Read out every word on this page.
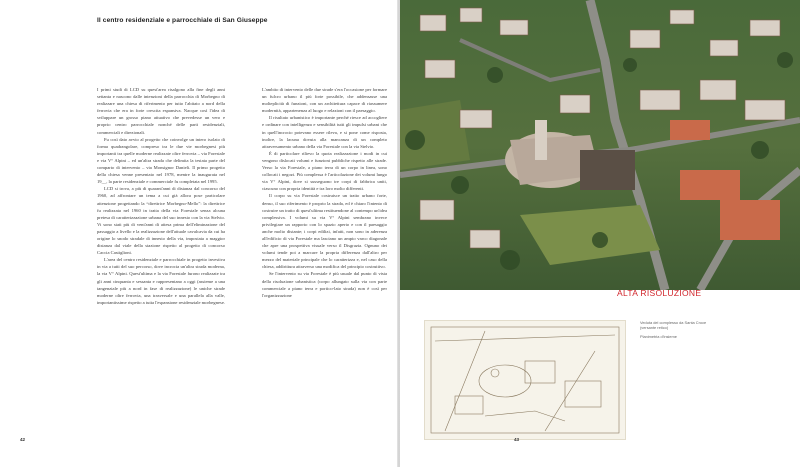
Il centro residenziale e parrocchiale di San Giuseppe

I primi studi di LCD su quest'area risalgono alla fine degli anni settanta e nascono dalle intenzioni della parrocchia di Morbegno di realizzare una chiesa di riferimento per tutto l'abitato a nord della ferrovia che era in forte crescita espansiva. Nacque così l'idea di sviluppare un grosso piano attuativo che prevedesse un vero e proprio centro parrocchiale nonché delle parti residenziali, commerciali e direzionali.

Fu così dato avvio al progetto che coinvolge un intero isolato di forma quadrangolare, compreso tra le due vie morbegnesi più importanti tra quelle moderne realizzate oltre ferrovia – via Forestale e via V° Alpini – ed un'altra strada che delimita la testata parte del comparto di intervento – via Monsignor Danieli. Il primo progetto della chiesa venne presentato nel 1978, mentre la inaugurata nel 19__, la parte residenziale e commerciale fu completata nel 1995.

LCD si trova, a più di quarant'anni di distanza dal concorso del 1960, ad affrontare un tema a cui già allora pose particolare attenzione progettando la “direttrice Morbegno-Mello”: la direttrice fu realizzata nel 1960 in tratta della via Forestale senza alcuna pretesa di caratterizzazione urbana del suo innesto con la via Stelvio. Vi sono stati più di vent'anni di attesa prima dell'eliminazione del passaggio a livello e la realizzazione dell'attuale cavalcavia da cui ha origine lo snodo stradale di innesto della via, impostata a maggior distanza dal viale della stazione rispetto al progetto di concorso Caccia Castiglioni.

L'area del centro residenziale e parrocchiale in progetto investiva in via a tutti del suo percorso, dove incrocia un'altra strada moderna, la via V° Alpini. Quest'ultima e la via Forestale furono realizzate tra gli anni cinquanta e sessanta e rappresentano a oggi (assieme a una tangenziale più a nord in fase di realizzazione) le uniche strade moderne oltre ferrovia, una trasversale e una parallela alla valle, importantissime rispetto a tutta l'espansione residenziale morbegnese.

42

L'ambito di intervento delle due strade s'era l'occasione per formare un fulcro urbano il più forte possibile, che addensasse una molteplicità di funzioni, con un architettura capace di riassumere modernità, appartenenza al luogo e relazioni con il paesaggio.

Il risultato urbanistico è importante perché riesce ad accogliere e ordinare con intelligenza e sensibilità tutti gli impulsi urbani che in quell'incrocio potevano essere rileva, e si pone come risposta, inoltre, la lacuna dovuta alla mancanza di un completo attraversamento urbano della via Forestale con la via Stelvio.

È di particolare rilievo la quota realizzazione i modi in cui vengono dislocati volumi e funzioni pubbliche rispetto alle strade. Verso la via Forestale, a piano terra di un corpo in linea, sono collocati i negozi. Più complessa è l'articolazione dei volumi lungo via V° Alpini, dove si susseguono tre corpi di fabbrica uniti, ciascuno con propria identità e tra loro molto differenti.

Il corpo su via Forestale costruisce un tratto urbano forte, denso, il suo riferimento è proprio la strada, ed è chiaro l'intento di costruire un tratto di quest'ultima restituendone al contempo un'idea complessiva. I volumi su via V° Alpini sembrano invece privilegiare un rapporto con lo spazio aperto e con il paesaggio anche molto distante; i corpi edilizi, infatti, non sono in aderenza all'edificio di via Forestale ma lasciano un ampio varco diagonale che apre una prospettiva visuale verso il Disgrazia. Ognuno dei volumi tende poi a marcare la propria differenza dall'altro per mezzo del materiale principale che lo caratterizza e, nel caso della chiesa, addirittura attraverso una modifica del principio costruttivo.

Se l'intervento su via Forestale è più usuale dal punto di vista della risoluzione urbanistica (corpo allungato sulla via con parte commerciale a piano terra e portico-lato strada) non è così per l'organizzazione	ALTA RISOLUZIONE
Veduta del complesso da Santa Croce (versante retico)
Planimetria d'insieme
43
